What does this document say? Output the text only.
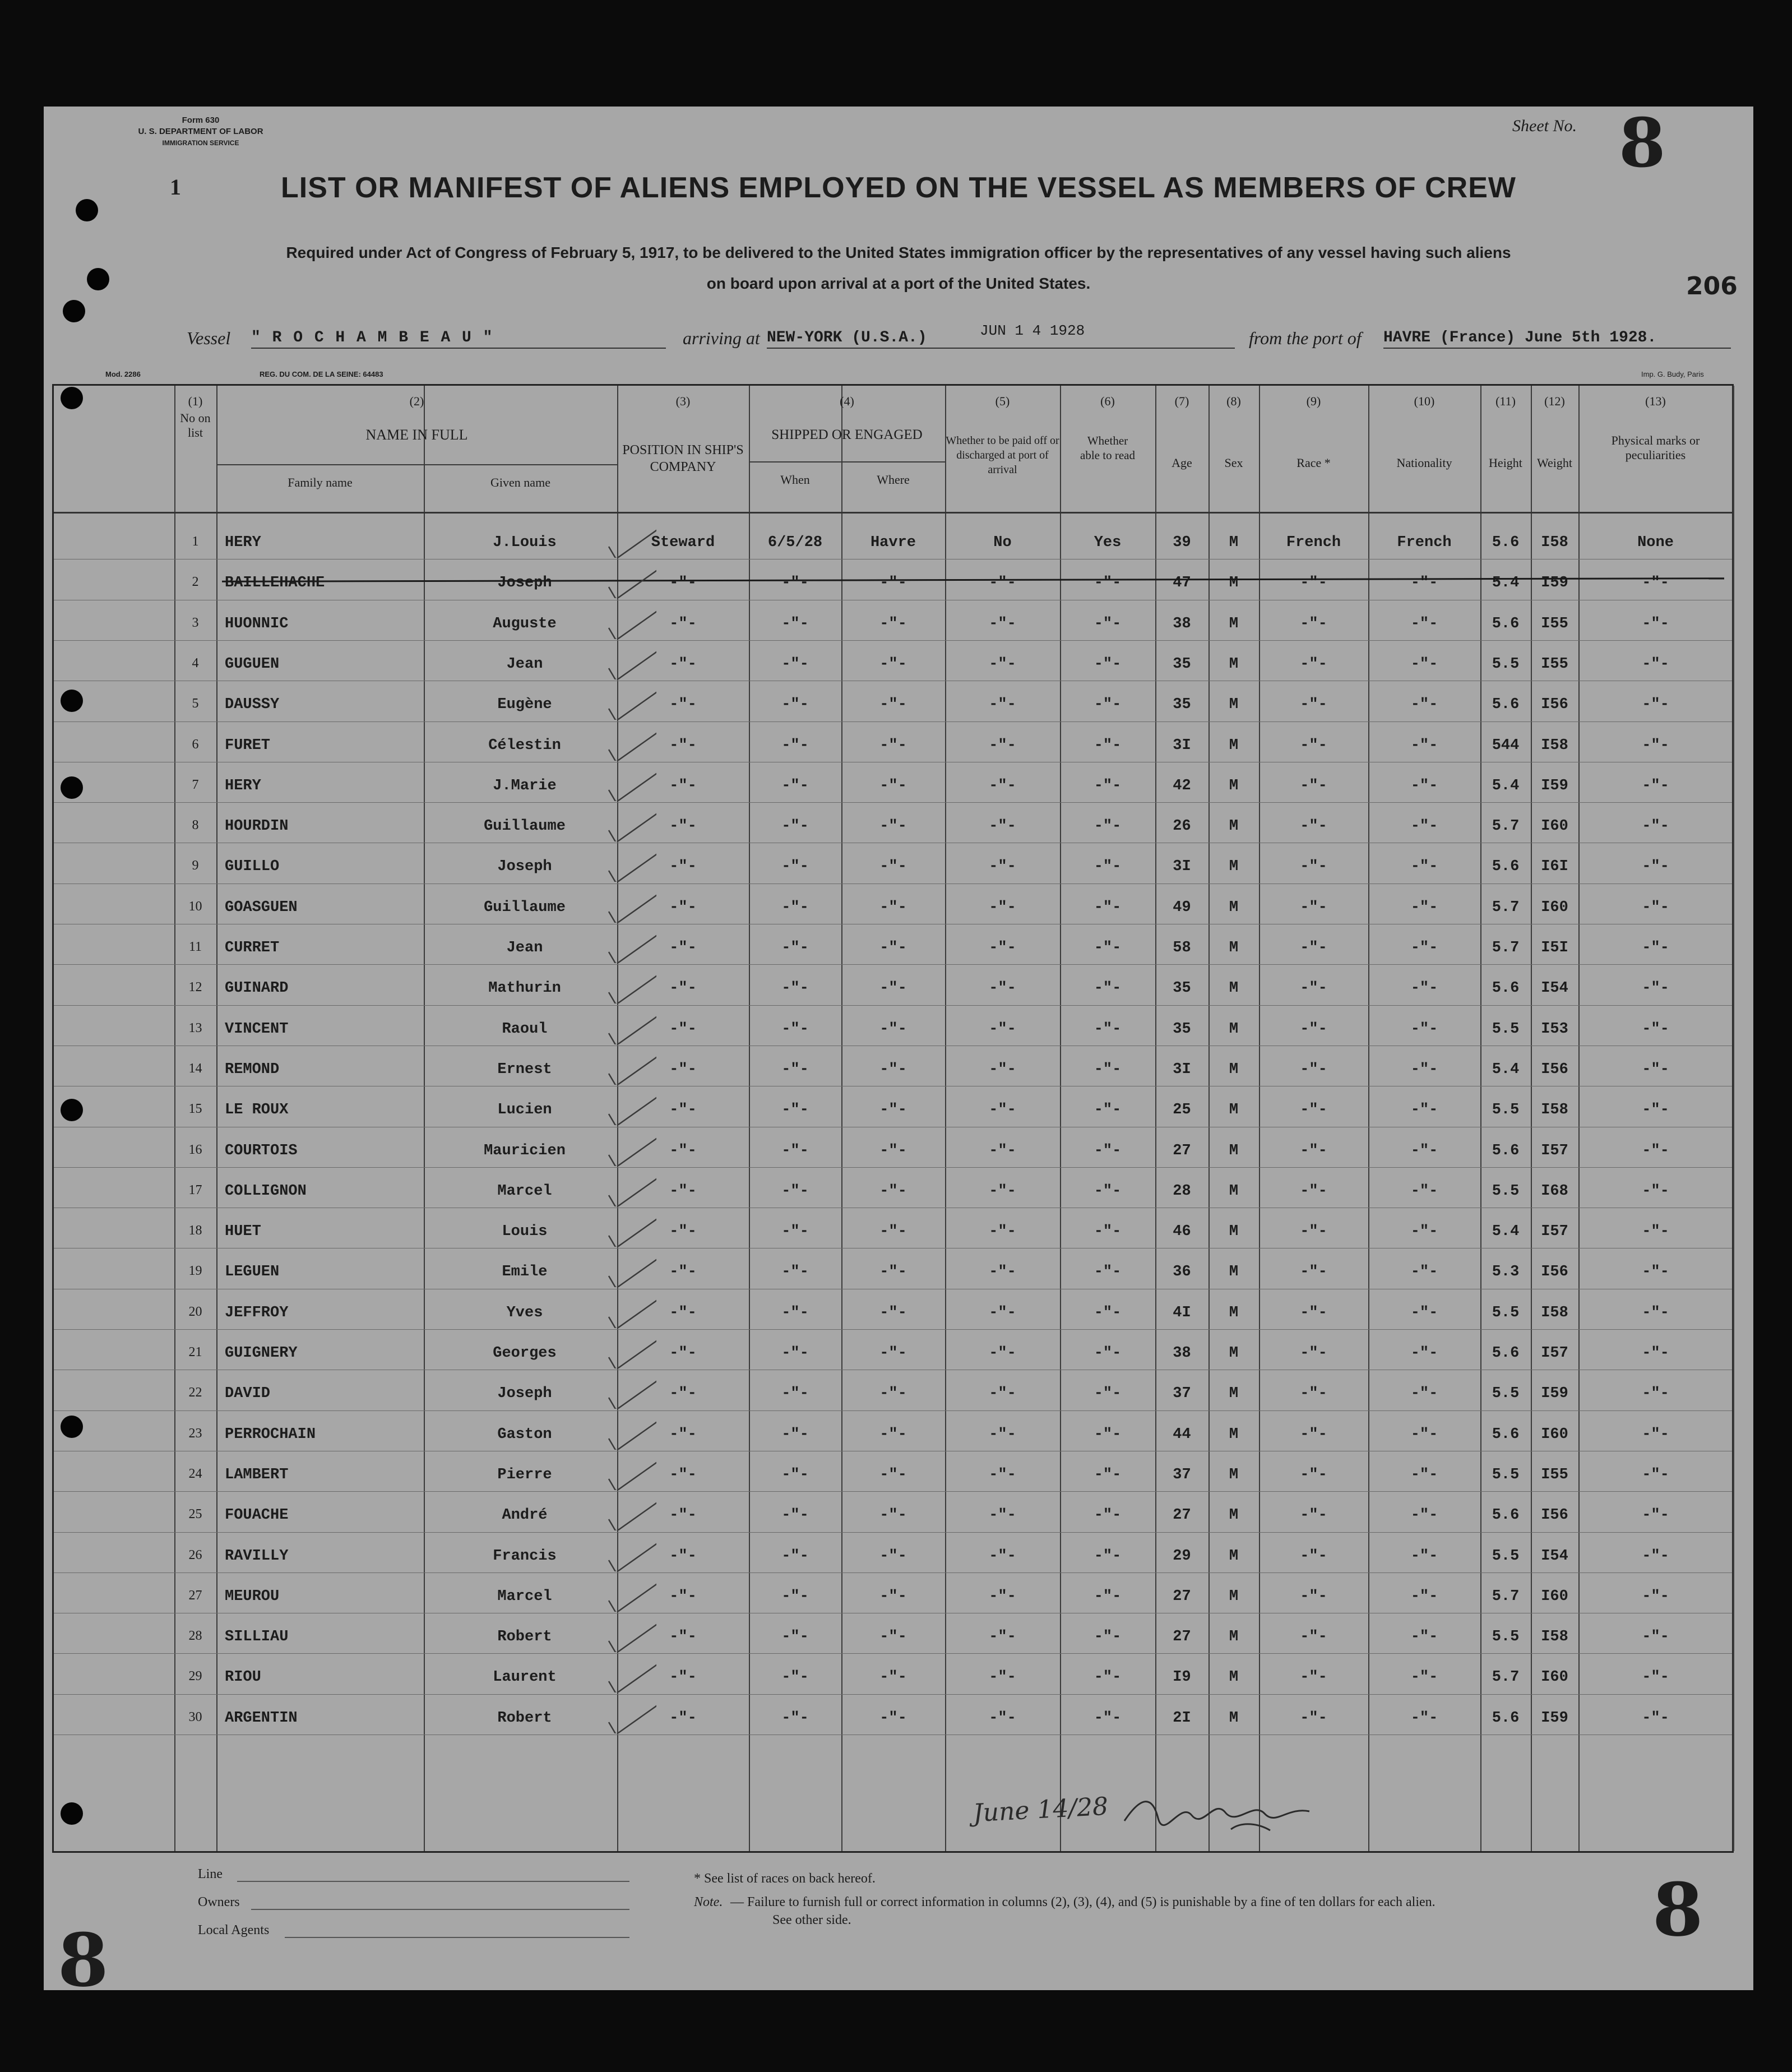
Form 630
U. S. DEPARTMENT OF LABOR
IMMIGRATION SERVICE
Sheet No. 8
1	LIST OR MANIFEST OF ALIENS EMPLOYED ON THE VESSEL AS MEMBERS OF CREW
Required under Act of Congress of February 5, 1917, to be delivered to the United States immigration officer by the representatives of any vessel having such aliens
on board upon arrival at a port of the United States.	206
Vessel " R O C H A M B E A U "	arriving at NEW-YORK (U.S.A.)	JUN 1 4 1928	from the port of HAVRE (France) June 5th 1928.
Mod. 2286	REG. DU COM. DE LA SEINE: 64483	Imp. G. Budy, Paris
(1)
No on list
(2)
NAME IN FULL
Family name	Given name
(3)
POSITION IN SHIP'S COMPANY
(4)
SHIPPED OR ENGAGED
When	Where
(5)
Whether to be paid off or discharged at port of arrival
(6)
Whether able to read
(7)
Age
(8)
Sex
(9)
Race *
(10)
Nationality
(11)
Height
(12)
Weight
(13)
Physical marks or peculiarities
1	HERY	J.Louis	Steward	6/5/28	Havre	No	Yes	39	M	French	French	5.6	I58	None
2	BAILLEHACHE	Joseph	-"-	-"-	-"-	-"-	-"-	47	M	-"-	-"-	5.4	I59	-"-
3	HUONNIC	Auguste	-"-	-"-	-"-	-"-	-"-	38	M	-"-	-"-	5.6	I55	-"-
4	GUGUEN	Jean	-"-	-"-	-"-	-"-	-"-	35	M	-"-	-"-	5.5	I55	-"-
5	DAUSSY	Eugène	-"-	-"-	-"-	-"-	-"-	35	M	-"-	-"-	5.6	I56	-"-
6	FURET	Célestin	-"-	-"-	-"-	-"-	-"-	3I	M	-"-	-"-	544	I58	-"-
7	HERY	J.Marie	-"-	-"-	-"-	-"-	-"-	42	M	-"-	-"-	5.4	I59	-"-
8	HOURDIN	Guillaume	-"-	-"-	-"-	-"-	-"-	26	M	-"-	-"-	5.7	I60	-"-
9	GUILLO	Joseph	-"-	-"-	-"-	-"-	-"-	3I	M	-"-	-"-	5.6	I6I	-"-
10	GOASGUEN	Guillaume	-"-	-"-	-"-	-"-	-"-	49	M	-"-	-"-	5.7	I60	-"-
11	CURRET	Jean	-"-	-"-	-"-	-"-	-"-	58	M	-"-	-"-	5.7	I5I	-"-
12	GUINARD	Mathurin	-"-	-"-	-"-	-"-	-"-	35	M	-"-	-"-	5.6	I54	-"-
13	VINCENT	Raoul	-"-	-"-	-"-	-"-	-"-	35	M	-"-	-"-	5.5	I53	-"-
14	REMOND	Ernest	-"-	-"-	-"-	-"-	-"-	3I	M	-"-	-"-	5.4	I56	-"-
15	LE ROUX	Lucien	-"-	-"-	-"-	-"-	-"-	25	M	-"-	-"-	5.5	I58	-"-
16	COURTOIS	Mauricien	-"-	-"-	-"-	-"-	-"-	27	M	-"-	-"-	5.6	I57	-"-
17	COLLIGNON	Marcel	-"-	-"-	-"-	-"-	-"-	28	M	-"-	-"-	5.5	I68	-"-
18	HUET	Louis	-"-	-"-	-"-	-"-	-"-	46	M	-"-	-"-	5.4	I57	-"-
19	LEGUEN	Emile	-"-	-"-	-"-	-"-	-"-	36	M	-"-	-"-	5.3	I56	-"-
20	JEFFROY	Yves	-"-	-"-	-"-	-"-	-"-	4I	M	-"-	-"-	5.5	I58	-"-
21	GUIGNERY	Georges	-"-	-"-	-"-	-"-	-"-	38	M	-"-	-"-	5.6	I57	-"-
22	DAVID	Joseph	-"-	-"-	-"-	-"-	-"-	37	M	-"-	-"-	5.5	I59	-"-
23	PERROCHAIN	Gaston	-"-	-"-	-"-	-"-	-"-	44	M	-"-	-"-	5.6	I60	-"-
24	LAMBERT	Pierre	-"-	-"-	-"-	-"-	-"-	37	M	-"-	-"-	5.5	I55	-"-
25	FOUACHE	André	-"-	-"-	-"-	-"-	-"-	27	M	-"-	-"-	5.6	I56	-"-
26	RAVILLY	Francis	-"-	-"-	-"-	-"-	-"-	29	M	-"-	-"-	5.5	I54	-"-
27	MEUROU	Marcel	-"-	-"-	-"-	-"-	-"-	27	M	-"-	-"-	5.7	I60	-"-
28	SILLIAU	Robert	-"-	-"-	-"-	-"-	-"-	27	M	-"-	-"-	5.5	I58	-"-
29	RIOU	Laurent	-"-	-"-	-"-	-"-	-"-	I9	M	-"-	-"-	5.7	I60	-"-
30	ARGENTIN	Robert	-"-	-"-	-"-	-"-	-"-	2I	M	-"-	-"-	5.6	I59	-"-
June 14/28
Line
Owners
Local Agents
* See list of races on back hereof.
Note. — Failure to furnish full or correct information in columns (2), (3), (4), and (5) is punishable by a fine of ten dollars for each alien.
See other side.
8
8
